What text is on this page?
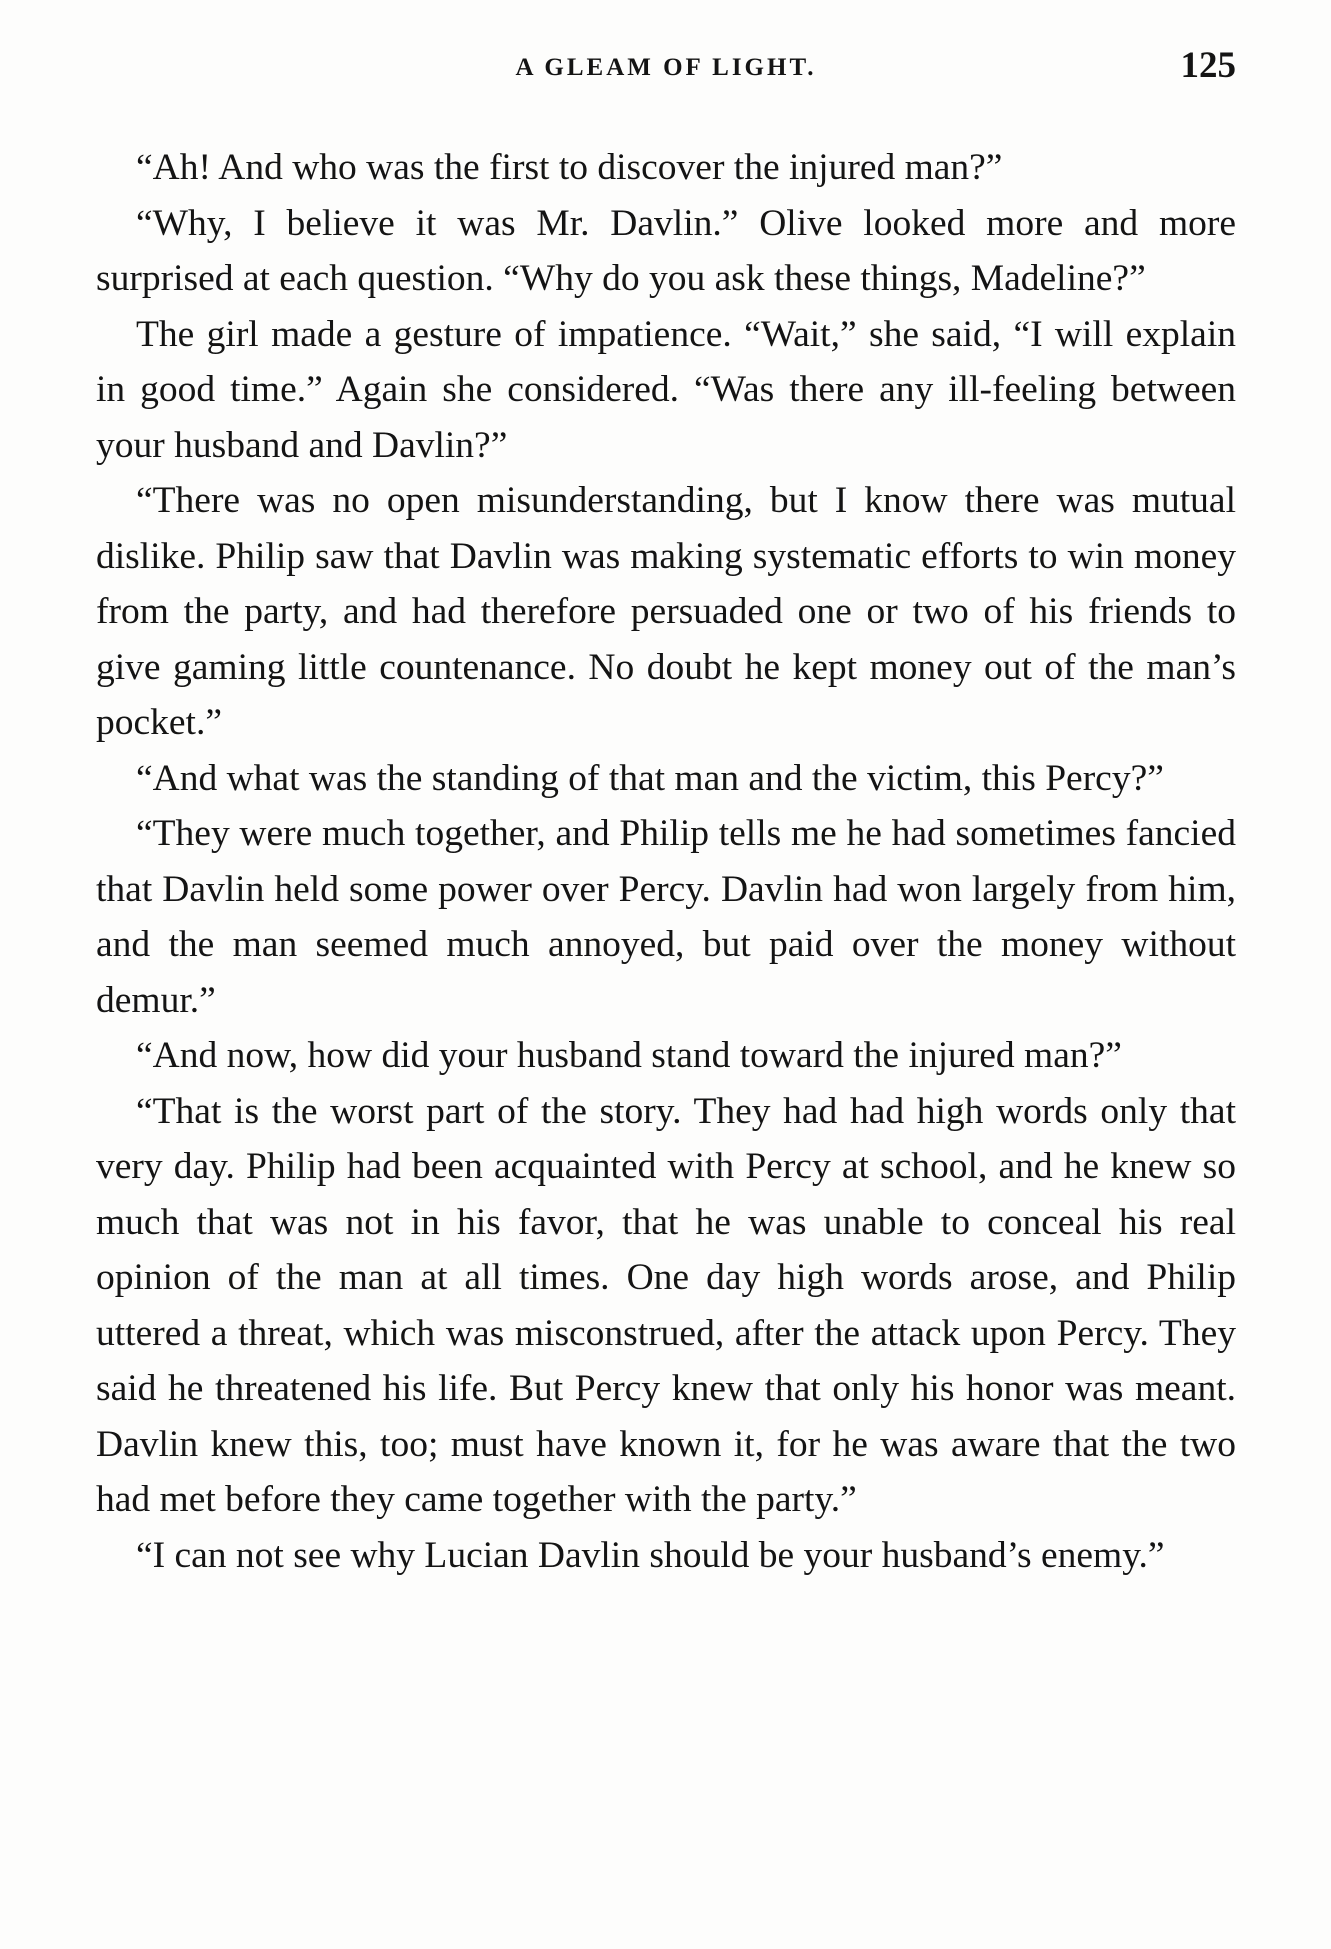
A GLEAM OF LIGHT.	125

“Ah! And who was the first to discover the injured man?”

“Why, I believe it was Mr. Davlin.” Olive looked more and more surprised at each question. “Why do you ask these things, Madeline?”

The girl made a gesture of impatience. “Wait,” she said, “I will explain in good time.” Again she considered. “Was there any ill-feeling between your husband and Davlin?”

“There was no open misunderstanding, but I know there was mutual dislike. Philip saw that Davlin was making systematic efforts to win money from the party, and had therefore persuaded one or two of his friends to give gaming little countenance. No doubt he kept money out of the man’s pocket.”

“And what was the standing of that man and the victim, this Percy?”

“They were much together, and Philip tells me he had sometimes fancied that Davlin held some power over Percy. Davlin had won largely from him, and the man seemed much annoyed, but paid over the money without demur.”

“And now, how did your husband stand toward the injured man?”

“That is the worst part of the story. They had had high words only that very day. Philip had been acquainted with Percy at school, and he knew so much that was not in his favor, that he was unable to conceal his real opinion of the man at all times. One day high words arose, and Philip uttered a threat, which was misconstrued, after the attack upon Percy. They said he threatened his life. But Percy knew that only his honor was meant. Davlin knew this, too; must have known it, for he was aware that the two had met before they came together with the party.”

“I can not see why Lucian Davlin should be your husband’s enemy.”
